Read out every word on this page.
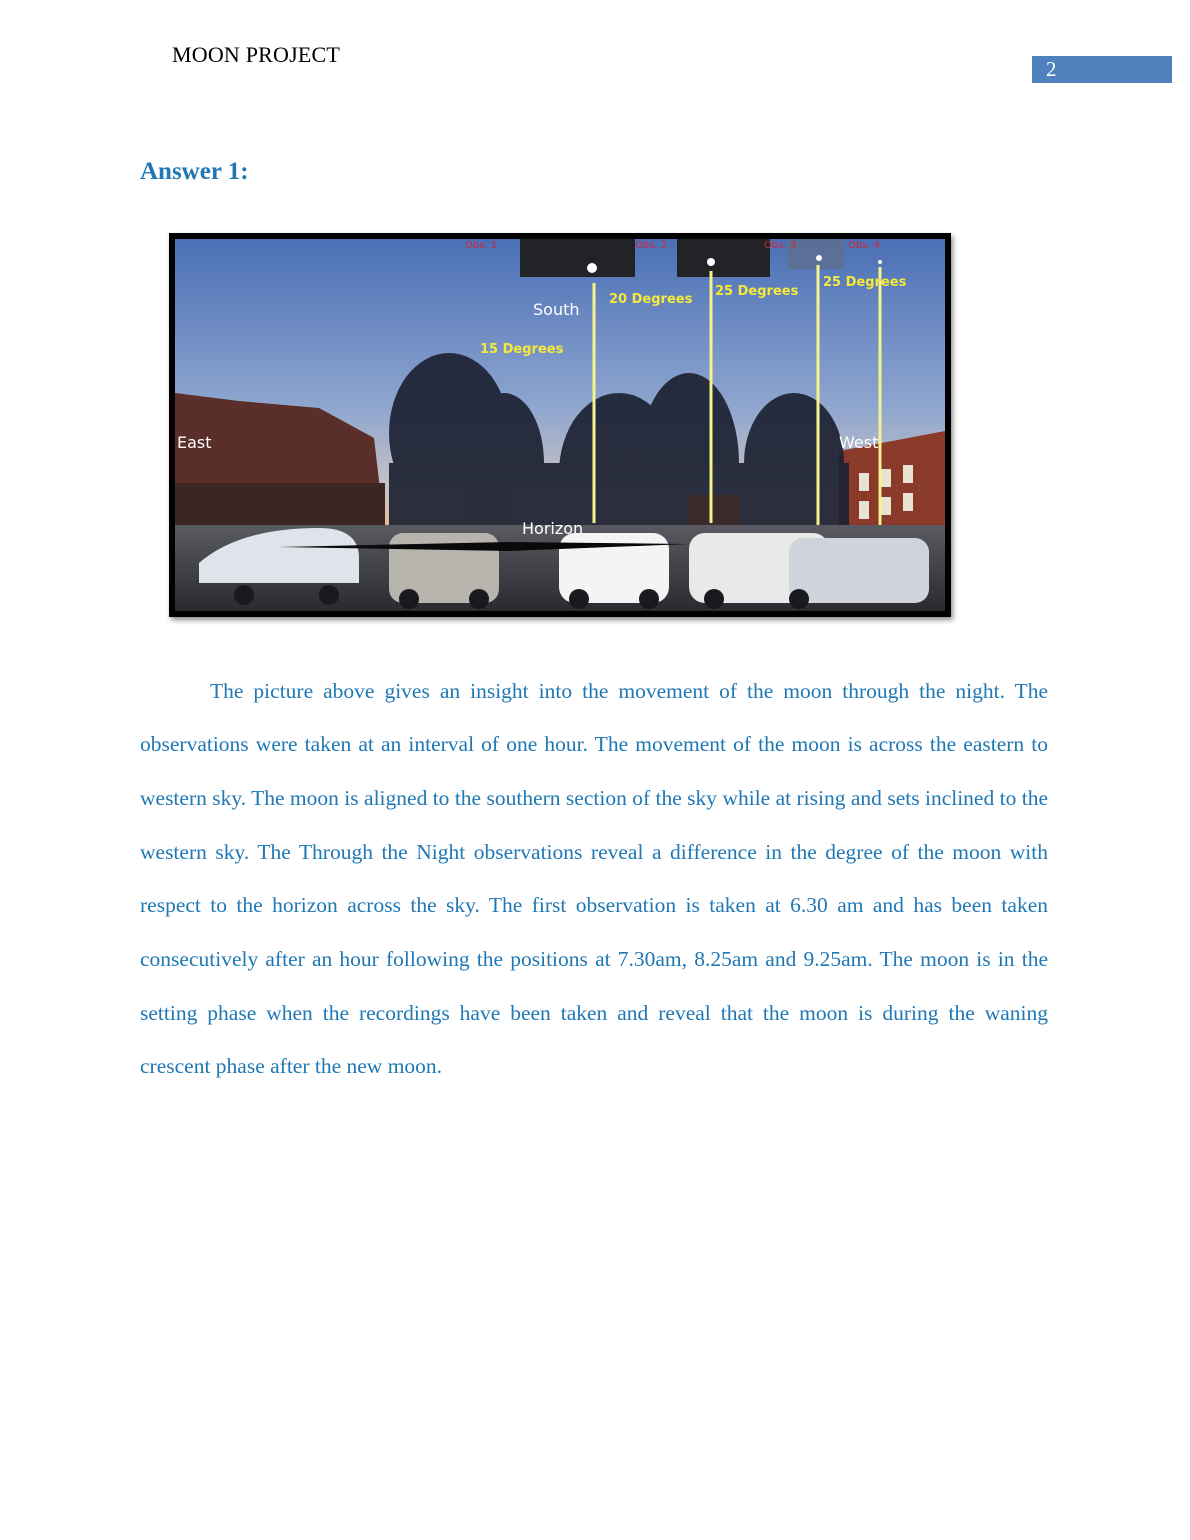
MOON PROJECT
2
Answer 1:
Obs. 1	Obs. 2	Obs. 3	Obs. 4
20 Degrees
25 Degrees
25 Degrees
15 Degrees
South
East	West
Horizon

The picture above gives an insight into the movement of the moon through the night. The observations were taken at an interval of one hour. The movement of the moon is across the eastern to western sky. The moon is aligned to the southern section of the sky while at rising and sets inclined to the western sky. The Through the Night observations reveal a difference in the degree of the moon with respect to the horizon across the sky. The first observation is taken at 6.30 am and has been taken consecutively after an hour following the positions at 7.30am, 8.25am and 9.25am. The moon is in the setting phase when the recordings have been taken and reveal that the moon is during the waning crescent phase after the new moon.
